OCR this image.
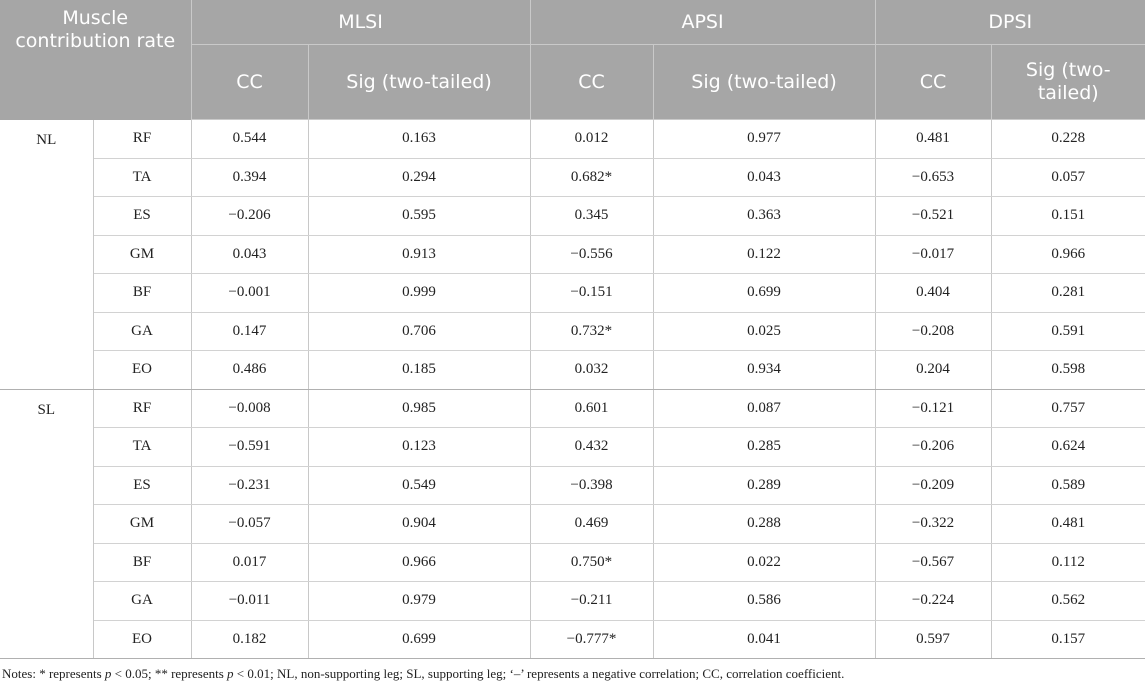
Muscle contribution rate		MLSI		APSI		DPSI	
		CC	Sig (two-tailed)	CC	Sig (two-tailed)	CC	Sig (two-tailed)
NL	RF	0.544	0.163	0.012	0.977	0.481	0.228
	TA	0.394	0.294	0.682*	0.043	−0.653	0.057
	ES	−0.206	0.595	0.345	0.363	−0.521	0.151
	GM	0.043	0.913	−0.556	0.122	−0.017	0.966
	BF	−0.001	0.999	−0.151	0.699	0.404	0.281
	GA	0.147	0.706	0.732*	0.025	−0.208	0.591
	EO	0.486	0.185	0.032	0.934	0.204	0.598
SL	RF	−0.008	0.985	0.601	0.087	−0.121	0.757
	TA	−0.591	0.123	0.432	0.285	−0.206	0.624
	ES	−0.231	0.549	−0.398	0.289	−0.209	0.589
	GM	−0.057	0.904	0.469	0.288	−0.322	0.481
	BF	0.017	0.966	0.750*	0.022	−0.567	0.112
	GA	−0.011	0.979	−0.211	0.586	−0.224	0.562
	EO	0.182	0.699	−0.777*	0.041	0.597	0.157
Notes: * represents p < 0.05; ** represents p < 0.01; NL, non-supporting leg; SL, supporting leg; ‘–’ represents a negative correlation; CC, correlation coefficient.
